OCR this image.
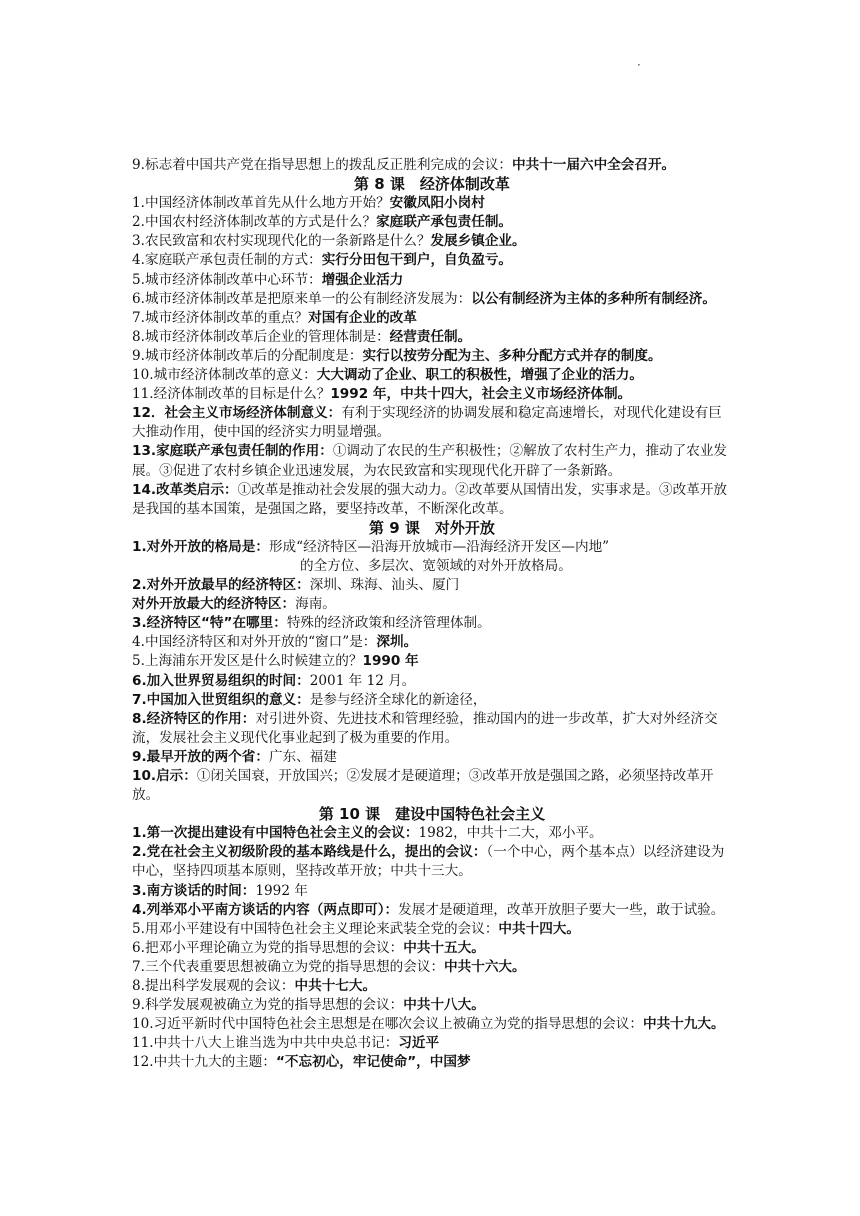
·

9.标志着中国共产党在指导思想上的拨乱反正胜利完成的会议：中共十一届六中全会召开。

第 8 课　经济体制改革

1.中国经济体制改革首先从什么地方开始？安徽凤阳小岗村

2.中国农村经济体制改革的方式是什么？家庭联产承包责任制。

3.农民致富和农村实现现代化的一条新路是什么？发展乡镇企业。

4.家庭联产承包责任制的方式：实行分田包干到户，自负盈亏。

5.城市经济体制改革中心环节：增强企业活力

6.城市经济体制改革是把原来单一的公有制经济发展为：以公有制经济为主体的多种所有制经济。

7.城市经济体制改革的重点？对国有企业的改革

8.城市经济体制改革后企业的管理体制是：经营责任制。

9.城市经济体制改革后的分配制度是：实行以按劳分配为主、多种分配方式并存的制度。

10.城市经济体制改革的意义：大大调动了企业、职工的积极性，增强了企业的活力。

11.经济体制改革的目标是什么？1992 年，中共十四大，社会主义市场经济体制。

12．社会主义市场经济体制意义：有利于实现经济的协调发展和稳定高速增长，对现代化建设有巨大推动作用，使中国的经济实力明显增强。

13.家庭联产承包责任制的作用：①调动了农民的生产积极性；②解放了农村生产力，推动了农业发展。③促进了农村乡镇企业迅速发展，为农民致富和实现现代化开辟了一条新路。

14.改革类启示：①改革是推动社会发展的强大动力。②改革要从国情出发，实事求是。③改革开放是我国的基本国策，是强国之路，要坚持改革，不断深化改革。

第 9 课　对外开放

1.对外开放的格局是：形成“经济特区—沿海开放城市—沿海经济开发区—内地”

的全方位、多层次、宽领域的对外开放格局。

2.对外开放最早的经济特区：深圳、珠海、汕头、厦门

对外开放最大的经济特区：海南。

3.经济特区“特”在哪里：特殊的经济政策和经济管理体制。

4.中国经济特区和对外开放的“窗口”是：深圳。

5.上海浦东开发区是什么时候建立的？1990 年

6.加入世界贸易组织的时间：2001 年 12 月。

7.中国加入世贸组织的意义：是参与经济全球化的新途径，

8.经济特区的作用：对引进外资、先进技术和管理经验，推动国内的进一步改革，扩大对外经济交流，发展社会主义现代化事业起到了极为重要的作用。

9.最早开放的两个省：广东、福建

10.启示：①闭关国衰，开放国兴；②发展才是硬道理；③改革开放是强国之路，必须坚持改革开放。

第 10 课　建设中国特色社会主义

1.第一次提出建设有中国特色社会主义的会议：1982，中共十二大，邓小平。

2.党在社会主义初级阶段的基本路线是什么，提出的会议：（一个中心，两个基本点）以经济建设为中心，坚持四项基本原则，坚持改革开放；中共十三大。

3.南方谈话的时间：1992 年

4.列举邓小平南方谈话的内容（两点即可）：发展才是硬道理，改革开放胆子要大一些，敢于试验。

5.用邓小平建设有中国特色社会主义理论来武装全党的会议：中共十四大。

6.把邓小平理论确立为党的指导思想的会议：中共十五大。

7.三个代表重要思想被确立为党的指导思想的会议：中共十六大。

8.提出科学发展观的会议：中共十七大。

9.科学发展观被确立为党的指导思想的会议：中共十八大。

10.习近平新时代中国特色社会主思想是在哪次会议上被确立为党的指导思想的会议：中共十九大。

11.中共十八大上谁当选为中共中央总书记：习近平

12.中共十九大的主题：“不忘初心，牢记使命”，中国梦
